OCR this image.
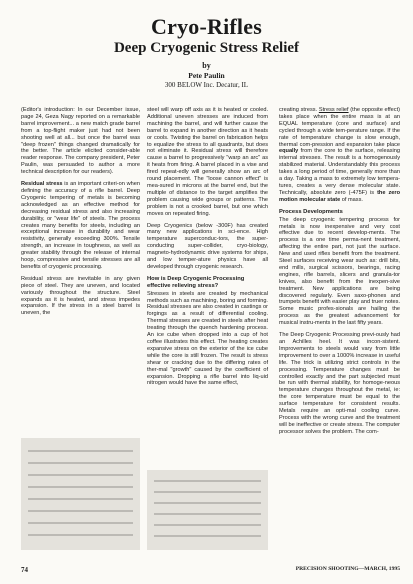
Cryo-Rifles
Deep Cryogenic Stress Relief
by
Pete Paulin
300 BELOW Inc. Decatur, IL

(Editor's introduction: In our December issue, page 24, Geza Nagy reported on a remarkable barrel improvement... a new match grade barrel from a top-flight maker just had not been shooting well at all... but once the barrel was "deep frozen" things changed dramatically for the better. The article elicited consider-able reader response. The company president, Peter Paulin, was persuaded to author a more technical description for our readers).

Residual stress is an important criteri-on when defining the accuracy of a rifle barrel. Deep Cryogenic tempering of metals is becoming acknowledged as an effective method for decreasing residual stress and also increasing durability, or "wear life" of steels. The process creates many benefits for steels, including an exceptional increase in durability and wear resistivity, generally exceeding 300%. Tensile strength, an increase in toughness, as well as greater stability through the release of internal hoop, compressive and tensile stresses are all benefits of cryogenic processing.

Residual stress are inevitable in any given piece of steel. They are uneven, and located variously throughout the structure. Steel expands as it is heated, and stress impedes expansion. If the stress in a steel barrel is uneven, the

steel will warp off axis as it is heated or cooled. Additional uneven stresses are induced from machining the barrel, and will further cause the barrel to expand in another direction as it heats or cools. Twisting the barrel on fabrication helps to equalize the stress to all quadrants, but does not eliminate it. Residual stress will therefore cause a barrel to progressively "warp an arc" as it heats from firing. A barrel placed in a vise and fired repeat-edly will generally show an arc of round placement. The "loose cannon effect" is mea-sured in microns at the barrel end, but the multiple of distance to the target amplifies the problem causing wide groups or patterns. The problem is not a crooked barrel, but one which moves on repeated firing.

Deep Cryogenics (below -300F) has created many new applications in sci-ence. High temperature superconduc-tors, the super-conducting super-collider, cryo-biology, magneto-hydrodynamic drive systems for ships, and low temper-ature physics have all developed through cryogenic research.

How is Deep Cryogenic Processing effective relieving stress?

Stresses in steels are created by mechanical methods such as machining, boring and forming. Residual stresses are also created in castings or forgings as a result of differential cooling. Thermal stresses are created in steels after heat treating through the quench hardening process. An ice cube when dropped into a cup of hot coffee illustrates this effect. The heating creates expansive stress on the exterior of the ice cube while the core is still frozen. The result is stress shear or cracking due to the differing rates of ther-mal "growth" caused by the coefficient of expansion. Dropping a rifle barrel into liq-uid nitrogen would have the same effect,

creating stress. Stress relief (the opposite effect) takes place when the entire mass is at an EQUAL temperature (core and surface) and cycled through a wide tem-perature range. If the rate of temperature change is slow enough, thermal com-pression and expansion take place equally from the core to the surface, releasing internal stresses. The result is a homogenously stabilized material. Understandably this process takes a long period of time, generally more than a day. Taking a mass to extremely low tempera-tures, creates a very dense molecular state. Technically, absolute zero (-475F) is the zero motion molecular state of mass.

Process Developments

The deep cryogenic tempering process for metals is now inexpensive and very cost effective due to recent develop-ments. The process is a one time perma-nent treatment, affecting the entire part, not just the surface. New and used rifles benefit from the treatment. Steel surfaces receiving wear such as: drill bits, end mills, surgical scissors, bearings, racing engines, rifle barrels, slicers and granula-tor knives, also benefit from the inexpen-sive treatment. New applications are being discovered regularly. Even saxo-phones and trumpets benefit with easier play and truer notes. Some music profes-sionals are hailing the process as the greatest advancement for musical instru-ments in the last fifty years.

The Deep Cryogenic Processing previ-ously had an Achilles heel. It was incon-sistent. Improvements to steels would vary from little improvement to over a 1000% increase in useful life. The trick is utilizing strict controls in the processing. Temperature changes must be controlled exactly and the part subjected must be run with thermal stability, for homoge-neous temperature changes throughout the metal, ie: the core temperature must be equal to the surface temperature for consistent results. Metals require an opti-mal cooling curve. Process with the wrong curve and the treatment will be ineffective or create stress. The computer processor solves the problem. The com-

74	PRECISION SHOOTING—MARCH, 1995
